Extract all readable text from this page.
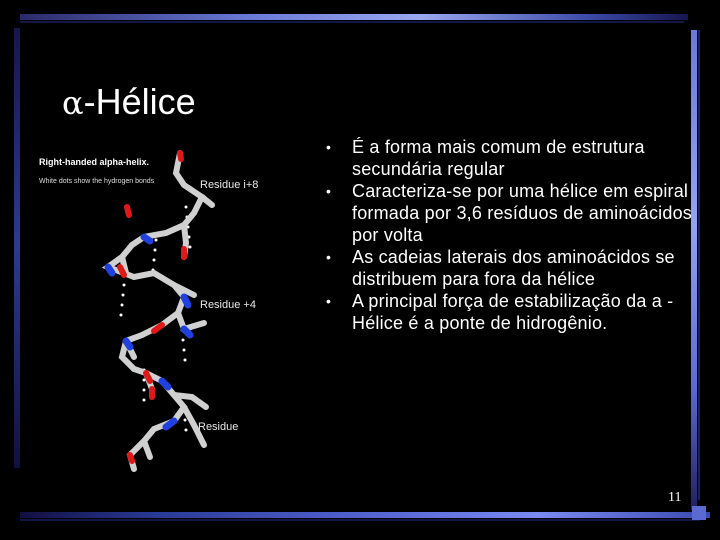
α-Hélice
Right-handed alpha-helix.
White dots show the hydrogen bonds	Residue i+8
Residue +4
Residue
• É a forma mais comum de estrutura secundária regular
• Caracteriza-se por uma hélice em espiral formada por 3,6 resíduos de aminoácidos por volta
• As cadeias laterais dos aminoácidos se distribuem para fora da hélice
• A principal força de estabilização da a - Hélice é a ponte de hidrogênio.
11
